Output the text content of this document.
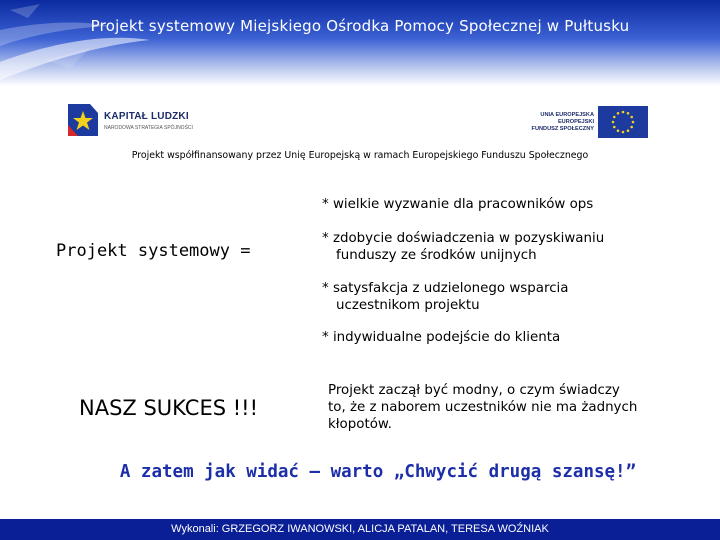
Projekt systemowy Miejskiego Ośrodka Pomocy Społecznej w Pułtusku
KAPITAŁ LUDZKI
NARODOWA STRATEGIA SPÓJNOŚCI
UNIA EUROPEJSKA
EUROPEJSKI
FUNDUSZ SPOŁECZNY
Projekt współfinansowany przez Unię Europejską w ramach Europejskiego Funduszu Społecznego
Projekt systemowy =
* wielkie wyzwanie dla pracowników ops
* zdobycie doświadczenia w pozyskiwaniu
funduszy ze środków unijnych
* satysfakcja z udzielonego wsparcia
uczestnikom projektu
* indywidualne podejście do klienta
NASZ SUKCES !!!
Projekt zaczął być modny, o czym świadczy
to, że z naborem uczestników nie ma żadnych
kłopotów.
A zatem jak widać – warto „Chwycić drugą szansę!”
Wykonali: GRZEGORZ IWANOWSKI, ALICJA PATALAN, TERESA WOŹNIAK
